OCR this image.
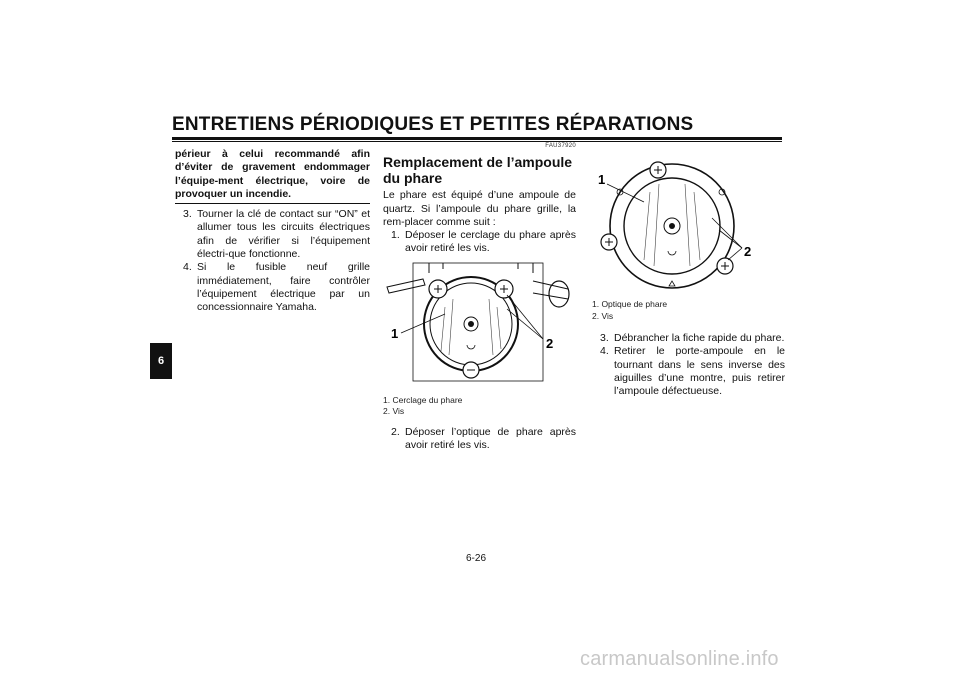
ENTRETIENS PÉRIODIQUES ET PETITES RÉPARATIONS
6
périeur à celui recommandé afin d’éviter de gravement endommager l’équipe-ment électrique, voire de provoquer un incendie.
3. Tourner la clé de contact sur “ON” et allumer tous les circuits électriques afin de vérifier si l’équipement électri-que fonctionne.
4. Si le fusible neuf grille immédiatement, faire contrôler l’équipement électrique par un concessionnaire Yamaha.
FAU37920
Remplacement de l’ampoule du phare
Le phare est équipé d’une ampoule de quartz. Si l’ampoule du phare grille, la rem-placer comme suit :
1. Déposer le cerclage du phare après avoir retiré les vis.
1
2
1. Cerclage du phare
2. Vis
2. Déposer l’optique de phare après avoir retiré les vis.
1
2
1. Optique de phare
2. Vis
3. Débrancher la fiche rapide du phare.
4. Retirer le porte-ampoule en le tournant dans le sens inverse des aiguilles d’une montre, puis retirer l’ampoule défectueuse.
6-26
carmanualsonline.info
